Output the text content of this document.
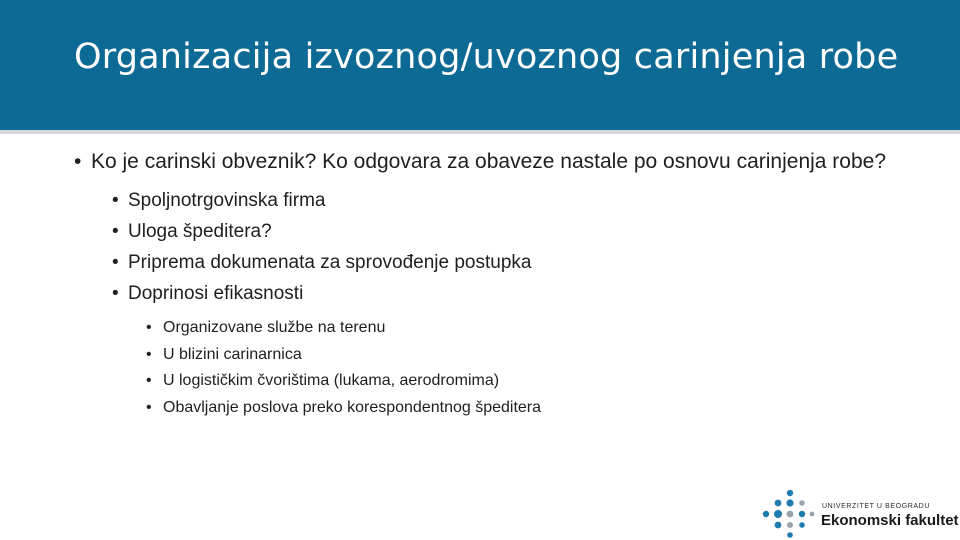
Organizacija izvoznog/uvoznog carinjenja robe
• Ko je carinski obveznik? Ko odgovara za obaveze nastale po osnovu carinjenja robe?
• Spoljnotrgovinska firma
• Uloga špeditera?
• Priprema dokumenata za sprovođenje postupka
• Doprinosi efikasnosti
• Organizovane službe na terenu
• U blizini carinarnica
• U logističkim čvorištima (lukama, aerodromima)
• Obavljanje poslova preko korespondentnog špeditera
UNIVERZITET U BEOGRADU
Ekonomski fakultet
